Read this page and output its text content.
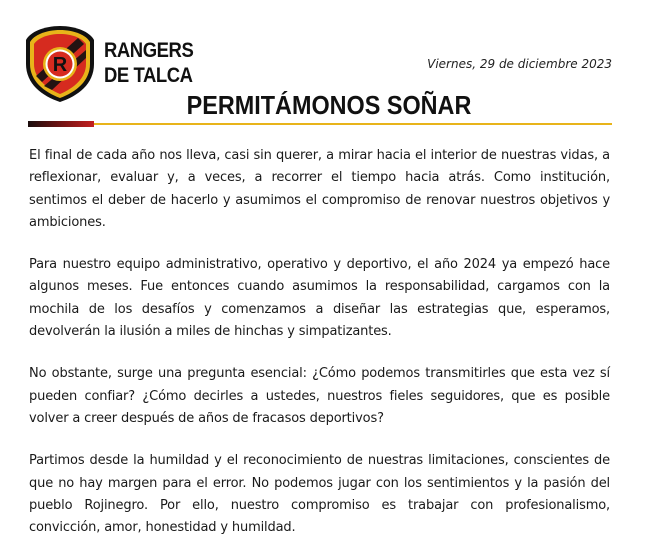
R
RANGERS
DE TALCA	Viernes, 29 de diciembre 2023
PERMITÁMONOS SOÑAR

El final de cada año nos lleva, casi sin querer, a mirar hacia el interior de nuestras vidas, a reflexionar, evaluar y, a veces, a recorrer el tiempo hacia atrás. Como institución, sentimos el deber de hacerlo y asumimos el compromiso de renovar nuestros objetivos y ambiciones.

Para nuestro equipo administrativo, operativo y deportivo, el año 2024 ya empezó hace algunos meses. Fue entonces cuando asumimos la responsabilidad, cargamos con la mochila de los desafíos y comenzamos a diseñar las estrategias que, esperamos, devolverán la ilusión a miles de hinchas y simpatizantes.

No obstante, surge una pregunta esencial: ¿Cómo podemos transmitirles que esta vez sí pueden confiar? ¿Cómo decirles a ustedes, nuestros fieles seguidores, que es posible volver a creer después de años de fracasos deportivos?

Partimos desde la humildad y el reconocimiento de nuestras limitaciones, conscientes de que no hay margen para el error. No podemos jugar con los sentimientos y la pasión del pueblo Rojinegro. Por ello, nuestro compromiso es trabajar con profesionalismo, convicción, amor, honestidad y humildad.
